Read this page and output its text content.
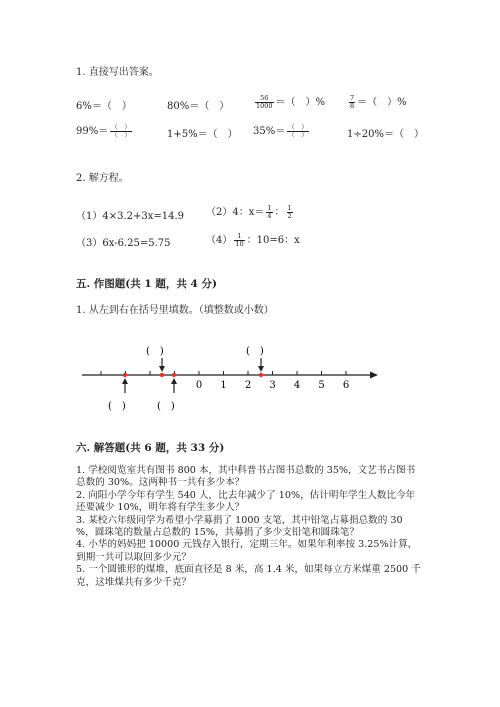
1. 直接写出答案。
6%＝（　）	80%＝（　）	$\frac{56}{1000}$ ＝（　）%	$\frac{7}{8}$ ＝（　）%
$99\%= \frac{( )}{( )}$	1+5%＝（　） $35\%= \frac{( )}{( )}$	1÷20%＝（　）
2. 解方程。
（1）4×3.2+3x=14.9 （2）4：$x= \frac{1}{4}$ ： $\frac{1}{2}$
（3）6x-6.25=5.75	$(4) \frac{1}{10}$ ：10=6：x
五. 作图题(共 1 题，共 4 分)
1. 从左到右在括号里填数。（填整数或小数）
0 1 2 3 4 5 6
(　)	(　)
(　)	(　)
六. 解答题(共 6 题，共 33 分)
1. 学校阅览室共有图书 800 本，其中科普书占图书总数的 35%，文艺书占图书
总数的 30%。这两种书一共有多少本？
2. 向阳小学今年有学生 540 人，比去年减少了 10%，估计明年学生人数比今年
还要减少 10%，明年将有学生多少人？
3. 某校六年级同学为希望小学募捐了 1000 支笔，其中铅笔占募捐总数的 30
%，圆珠笔的数量占总数的 15%，共募捐了多少支铅笔和圆珠笔？
4. 小华的妈妈把 10000 元钱存入银行，定期三年。如果年利率按 3.25%计算，
到期一共可以取回多少元？
5. 一个圆锥形的煤堆，底面直径是 8 米，高 1.4 米，如果每立方米煤重 2500 千
克，这堆煤共有多少千克？
